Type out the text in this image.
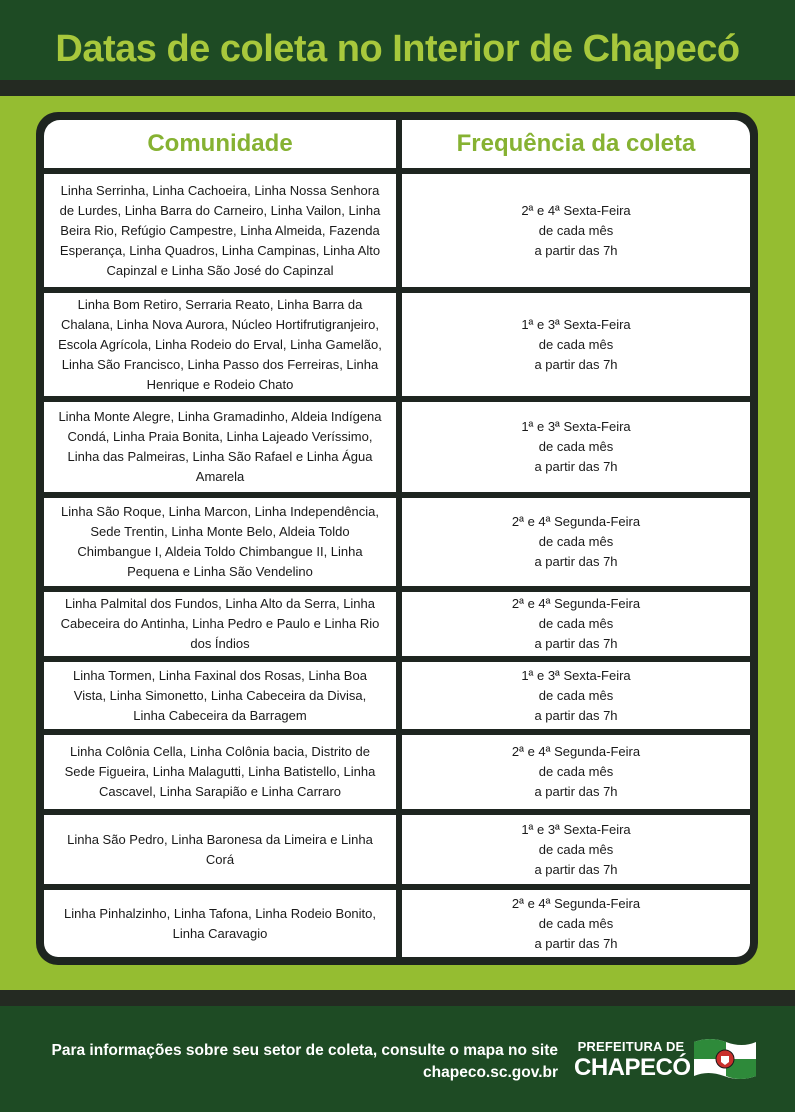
Datas de coleta no Interior de Chapecó
Comunidade	Frequência da coleta
Linha Serrinha, Linha Cachoeira, Linha Nossa Senhora de Lurdes, Linha Barra do Carneiro, Linha Vailon, Linha Beira Rio, Refúgio Campestre, Linha Almeida, Fazenda Esperança, Linha Quadros, Linha Campinas, Linha Alto Capinzal e Linha São José do Capinzal
2ª e 4ª Sexta-Feira
de cada mês
a partir das 7h
Linha Bom Retiro, Serraria Reato, Linha Barra da Chalana, Linha Nova Aurora, Núcleo Hortifrutigranjeiro, Escola Agrícola, Linha Rodeio do Erval, Linha Gamelão, Linha São Francisco, Linha Passo dos Ferreiras, Linha Henrique e Rodeio Chato
1ª e 3ª Sexta-Feira
de cada mês
a partir das 7h
Linha Monte Alegre, Linha Gramadinho, Aldeia Indígena Condá, Linha Praia Bonita, Linha Lajeado Veríssimo, Linha das Palmeiras, Linha São Rafael e Linha Água Amarela
1ª e 3ª Sexta-Feira
de cada mês
a partir das 7h
Linha São Roque, Linha Marcon, Linha Independência, Sede Trentin, Linha Monte Belo, Aldeia Toldo Chimbangue I, Aldeia Toldo Chimbangue II, Linha Pequena e Linha São Vendelino
2ª e 4ª Segunda-Feira
de cada mês
a partir das 7h
Linha Palmital dos Fundos, Linha Alto da Serra, Linha Cabeceira do Antinha, Linha Pedro e Paulo e Linha Rio dos Índios
2ª e 4ª Segunda-Feira
de cada mês
a partir das 7h
Linha Tormen, Linha Faxinal dos Rosas, Linha Boa Vista, Linha Simonetto, Linha Cabeceira da Divisa, Linha Cabeceira da Barragem
1ª e 3ª Sexta-Feira
de cada mês
a partir das 7h
Linha Colônia Cella, Linha Colônia bacia, Distrito de Sede Figueira, Linha Malagutti, Linha Batistello, Linha Cascavel, Linha Sarapião e Linha Carraro
2ª e 4ª Segunda-Feira
de cada mês
a partir das 7h
Linha São Pedro, Linha Baronesa da Limeira e Linha Corá
1ª e 3ª Sexta-Feira
de cada mês
a partir das 7h
Linha Pinhalzinho, Linha Tafona, Linha Rodeio Bonito, Linha Caravagio
2ª e 4ª Segunda-Feira
de cada mês
a partir das 7h
Para informações sobre seu setor de coleta, consulte o mapa no site
chapeco.sc.gov.br
PREFEITURA DE
CHAPECÓ
